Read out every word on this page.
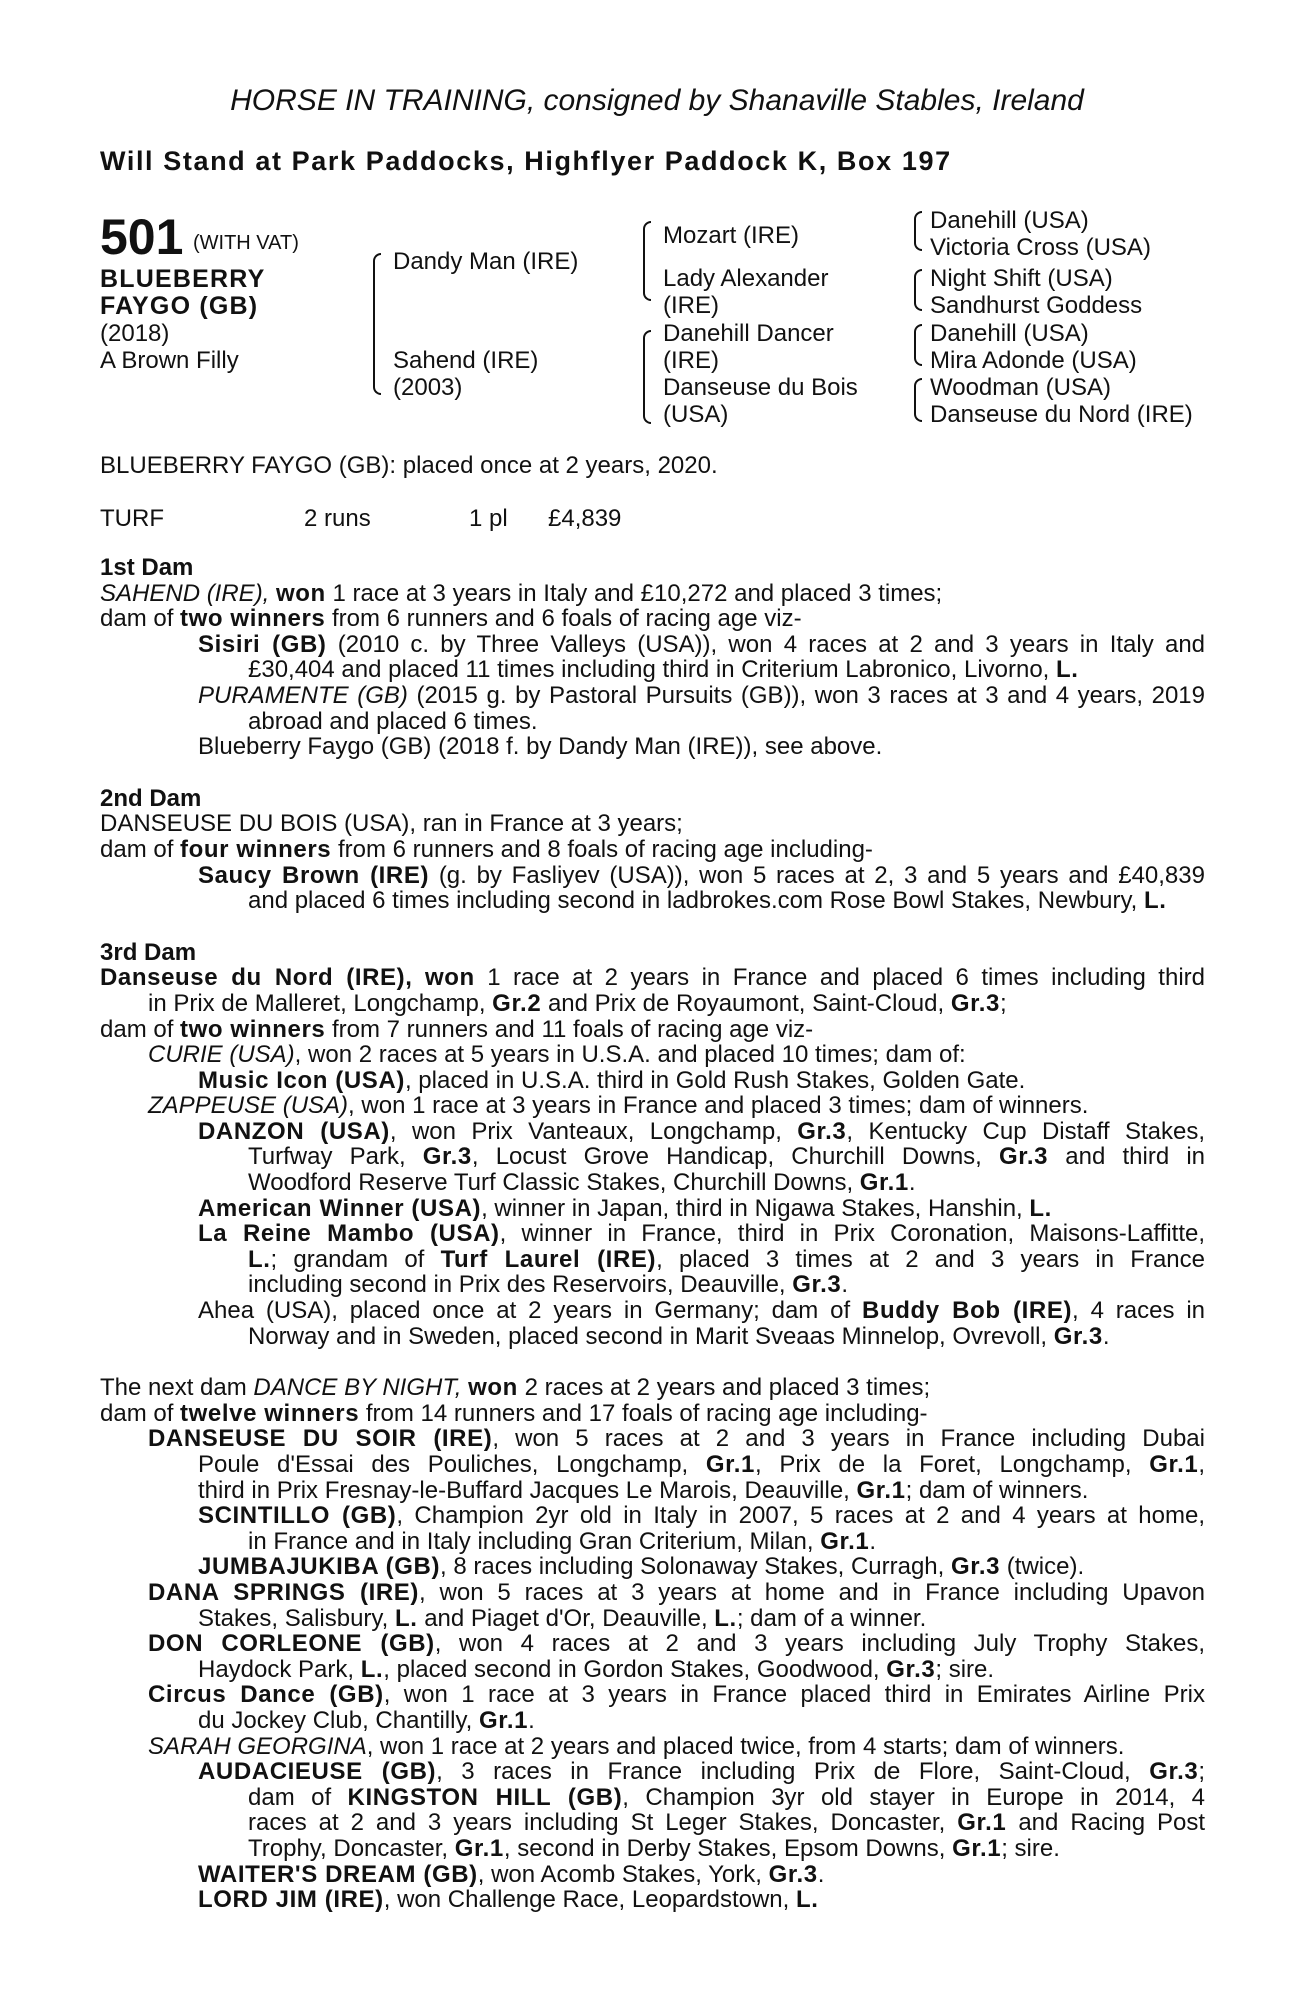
HORSE IN TRAINING, consigned by Shanaville Stables, Ireland
Will Stand at Park Paddocks, Highflyer Paddock K, Box 197
501 (WITH VAT)
BLUEBERRY
FAYGO (GB)
(2018)
A Brown Filly
Dandy Man (IRE)
Sahend (IRE)
(2003)
Mozart (IRE)
Lady Alexander
(IRE)
Danehill Dancer
(IRE)
Danseuse du Bois
(USA)
Danehill (USA)
Victoria Cross (USA)
Night Shift (USA)
Sandhurst Goddess
Danehill (USA)
Mira Adonde (USA)
Woodman (USA)
Danseuse du Nord (IRE)
BLUEBERRY FAYGO (GB): placed once at 2 years, 2020.
TURF	2 runs	1 pl £4,839
1st Dam
SAHEND (IRE), won 1 race at 3 years in Italy and £10,272 and placed 3 times;
dam of two winners from 6 runners and 6 foals of racing age viz-
Sisiri (GB) (2010 c. by Three Valleys (USA)), won 4 races at 2 and 3 years in Italy and
£30,404 and placed 11 times including third in Criterium Labronico, Livorno, L.
PURAMENTE (GB) (2015 g. by Pastoral Pursuits (GB)), won 3 races at 3 and 4 years, 2019
abroad and placed 6 times.
Blueberry Faygo (GB) (2018 f. by Dandy Man (IRE)), see above.
2nd Dam
DANSEUSE DU BOIS (USA), ran in France at 3 years;
dam of four winners from 6 runners and 8 foals of racing age including-
Saucy Brown (IRE) (g. by Fasliyev (USA)), won 5 races at 2, 3 and 5 years and £40,839
and placed 6 times including second in ladbrokes.com Rose Bowl Stakes, Newbury, L.
3rd Dam
Danseuse du Nord (IRE), won 1 race at 2 years in France and placed 6 times including third
in Prix de Malleret, Longchamp, Gr.2 and Prix de Royaumont, Saint-Cloud, Gr.3;
dam of two winners from 7 runners and 11 foals of racing age viz-
CURIE (USA), won 2 races at 5 years in U.S.A. and placed 10 times; dam of:
Music Icon (USA), placed in U.S.A. third in Gold Rush Stakes, Golden Gate.
ZAPPEUSE (USA), won 1 race at 3 years in France and placed 3 times; dam of winners.
DANZON (USA), won Prix Vanteaux, Longchamp, Gr.3, Kentucky Cup Distaff Stakes,
Turfway Park, Gr.3, Locust Grove Handicap, Churchill Downs, Gr.3 and third in
Woodford Reserve Turf Classic Stakes, Churchill Downs, Gr.1.
American Winner (USA), winner in Japan, third in Nigawa Stakes, Hanshin, L.
La Reine Mambo (USA), winner in France, third in Prix Coronation, Maisons-Laffitte,
L.; grandam of Turf Laurel (IRE), placed 3 times at 2 and 3 years in France
including second in Prix des Reservoirs, Deauville, Gr.3.
Ahea (USA), placed once at 2 years in Germany; dam of Buddy Bob (IRE), 4 races in
Norway and in Sweden, placed second in Marit Sveaas Minnelop, Ovrevoll, Gr.3.
The next dam DANCE BY NIGHT, won 2 races at 2 years and placed 3 times;
dam of twelve winners from 14 runners and 17 foals of racing age including-
DANSEUSE DU SOIR (IRE), won 5 races at 2 and 3 years in France including Dubai
Poule d'Essai des Pouliches, Longchamp, Gr.1, Prix de la Foret, Longchamp, Gr.1,
third in Prix Fresnay-le-Buffard Jacques Le Marois, Deauville, Gr.1; dam of winners.
SCINTILLO (GB), Champion 2yr old in Italy in 2007, 5 races at 2 and 4 years at home,
in France and in Italy including Gran Criterium, Milan, Gr.1.
JUMBAJUKIBA (GB), 8 races including Solonaway Stakes, Curragh, Gr.3 (twice).
DANA SPRINGS (IRE), won 5 races at 3 years at home and in France including Upavon
Stakes, Salisbury, L. and Piaget d'Or, Deauville, L.; dam of a winner.
DON CORLEONE (GB), won 4 races at 2 and 3 years including July Trophy Stakes,
Haydock Park, L., placed second in Gordon Stakes, Goodwood, Gr.3; sire.
Circus Dance (GB), won 1 race at 3 years in France placed third in Emirates Airline Prix
du Jockey Club, Chantilly, Gr.1.
SARAH GEORGINA, won 1 race at 2 years and placed twice, from 4 starts; dam of winners.
AUDACIEUSE (GB), 3 races in France including Prix de Flore, Saint-Cloud, Gr.3;
dam of KINGSTON HILL (GB), Champion 3yr old stayer in Europe in 2014, 4
races at 2 and 3 years including St Leger Stakes, Doncaster, Gr.1 and Racing Post
Trophy, Doncaster, Gr.1, second in Derby Stakes, Epsom Downs, Gr.1; sire.
WAITER'S DREAM (GB), won Acomb Stakes, York, Gr.3.
LORD JIM (IRE), won Challenge Race, Leopardstown, L.
